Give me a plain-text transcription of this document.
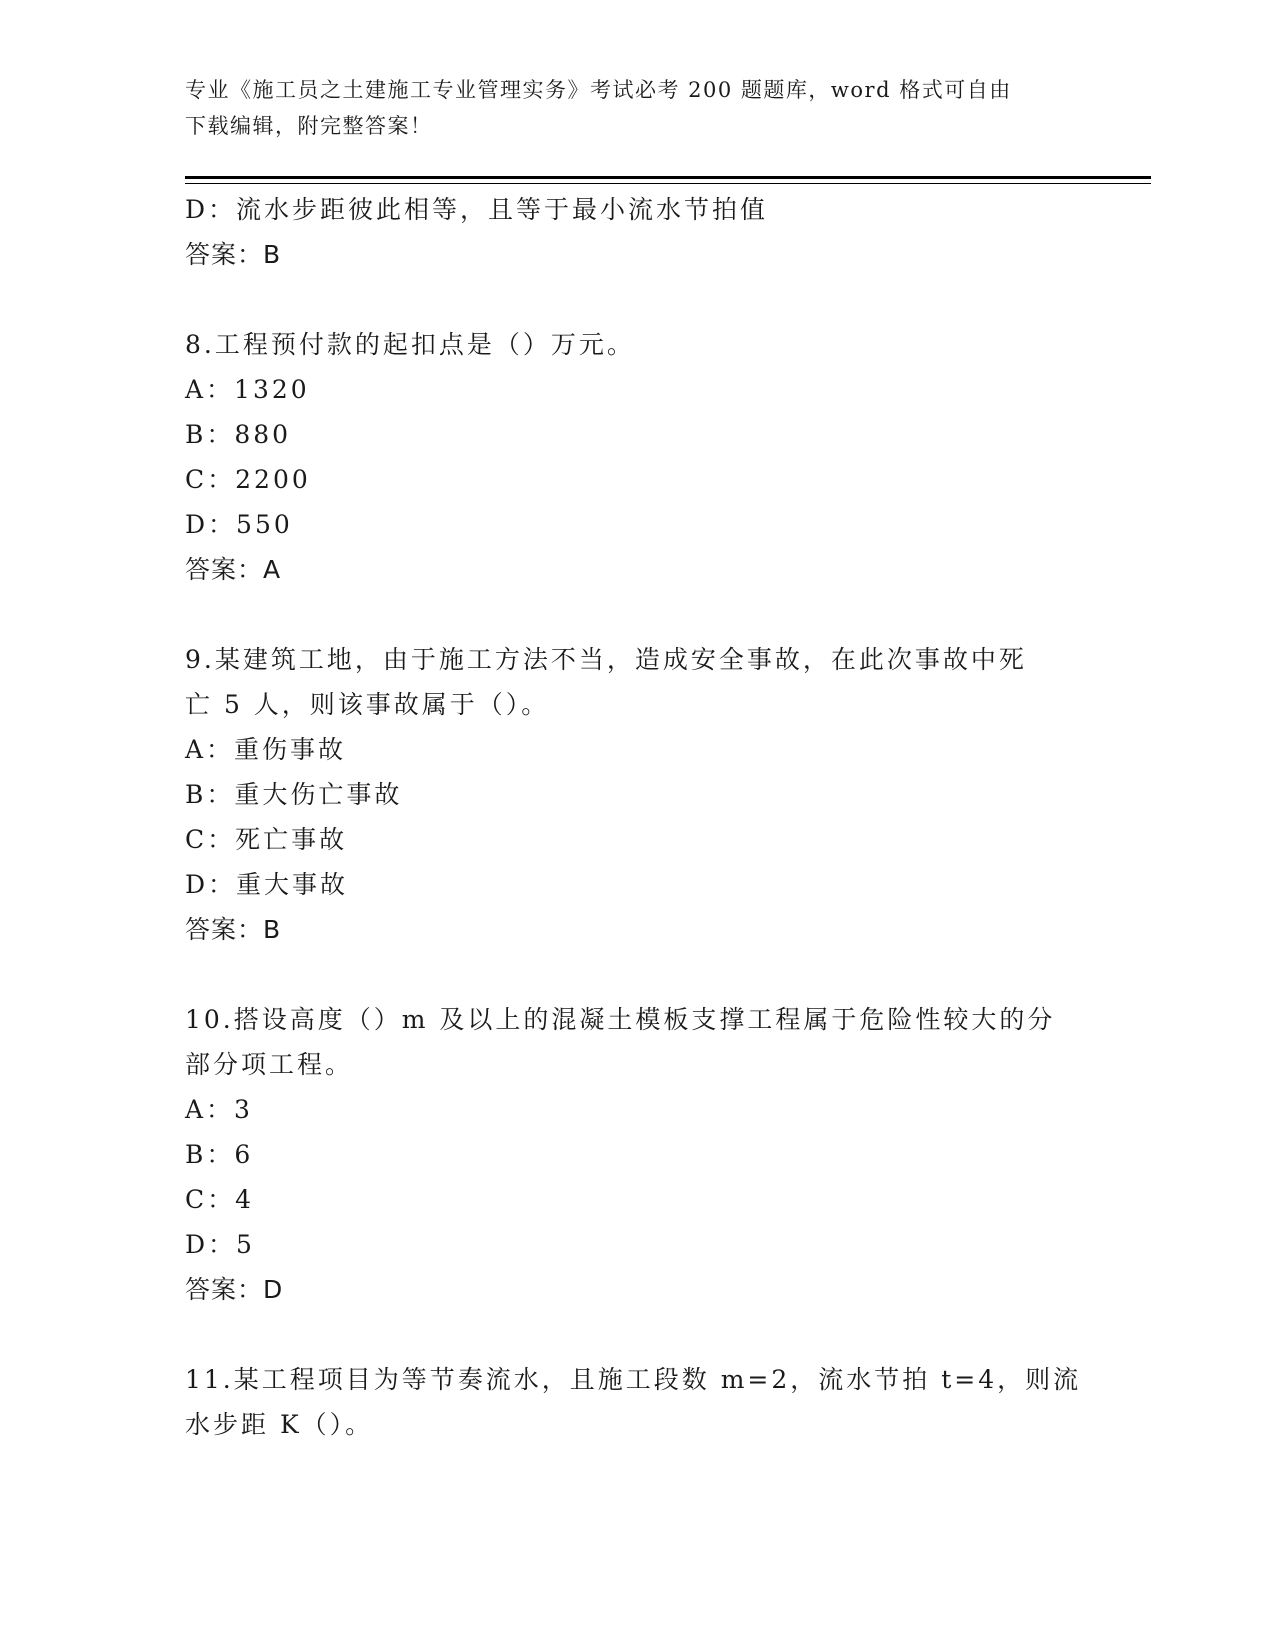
专业《施工员之土建施工专业管理实务》考试必考 200 题题库，word 格式可自由
下载编辑，附完整答案！
D：流水步距彼此相等，且等于最小流水节拍值
答案：B
8.工程预付款的起扣点是（）万元。
A：1320
B：880
C：2200
D：550
答案：A
9.某建筑工地，由于施工方法不当，造成安全事故，在此次事故中死
亡 5 人，则该事故属于（）。
A：重伤事故
B：重大伤亡事故
C：死亡事故
D：重大事故
答案：B
10.搭设高度（）m 及以上的混凝土模板支撑工程属于危险性较大的分
部分项工程。
A：3
B：6
C：4
D：5
答案：D
11.某工程项目为等节奏流水，且施工段数 m=2，流水节拍 t=4，则流
水步距 K（）。
